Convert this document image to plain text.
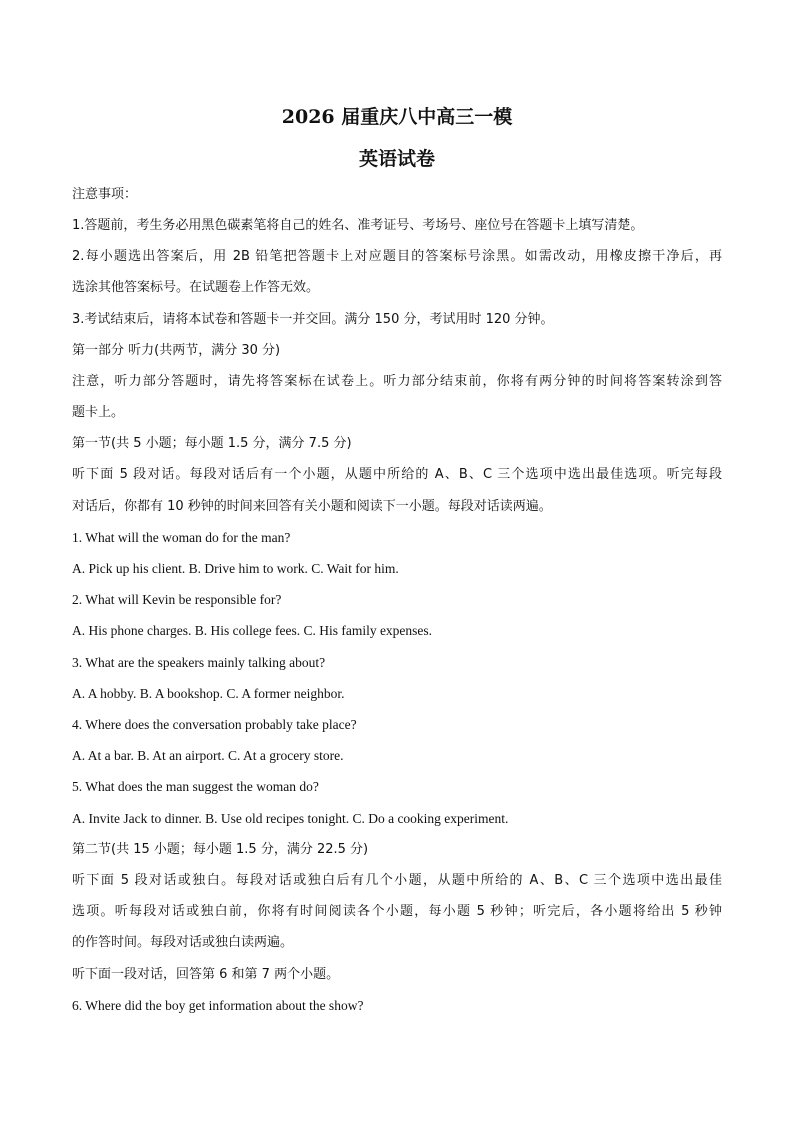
2026 届重庆八中高三一模
英语试卷
注意事项：
1.答题前，考生务必用黑色碳素笔将自己的姓名、准考证号、考场号、座位号在答题卡上填写清楚。
2.每小题选出答案后，用 2B 铅笔把答题卡上对应题目的答案标号涂黑。如需改动，用橡皮擦干净后，再
选涂其他答案标号。在试题卷上作答无效。
3.考试结束后，请将本试卷和答题卡一并交回。满分 150 分，考试用时 120 分钟。
第一部分 听力(共两节，满分 30 分)
注意，听力部分答题时，请先将答案标在试卷上。听力部分结束前，你将有两分钟的时间将答案转涂到答
题卡上。
第一节(共 5 小题；每小题 1.5 分，满分 7.5 分)
听下面 5 段对话。每段对话后有一个小题，从题中所给的 A、B、C 三个选项中选出最佳选项。听完每段
对话后，你都有 10 秒钟的时间来回答有关小题和阅读下一小题。每段对话读两遍。
1. What will the woman do for the man?
A. Pick up his client. B. Drive him to work. C. Wait for him.
2. What will Kevin be responsible for?
A. His phone charges. B. His college fees. C. His family expenses.
3. What are the speakers mainly talking about?
A. A hobby. B. A bookshop. C. A former neighbor.
4. Where does the conversation probably take place?
A. At a bar. B. At an airport. C. At a grocery store.
5. What does the man suggest the woman do?
A. Invite Jack to dinner. B. Use old recipes tonight. C. Do a cooking experiment.
第二节(共 15 小题；每小题 1.5 分，满分 22.5 分)
听下面 5 段对话或独白。每段对话或独白后有几个小题，从题中所给的 A、B、C 三个选项中选出最佳
选项。听每段对话或独白前，你将有时间阅读各个小题，每小题 5 秒钟；听完后，各小题将给出 5 秒钟
的作答时间。每段对话或独白读两遍。
听下面一段对话，回答第 6 和第 7 两个小题。
6. Where did the boy get information about the show?
